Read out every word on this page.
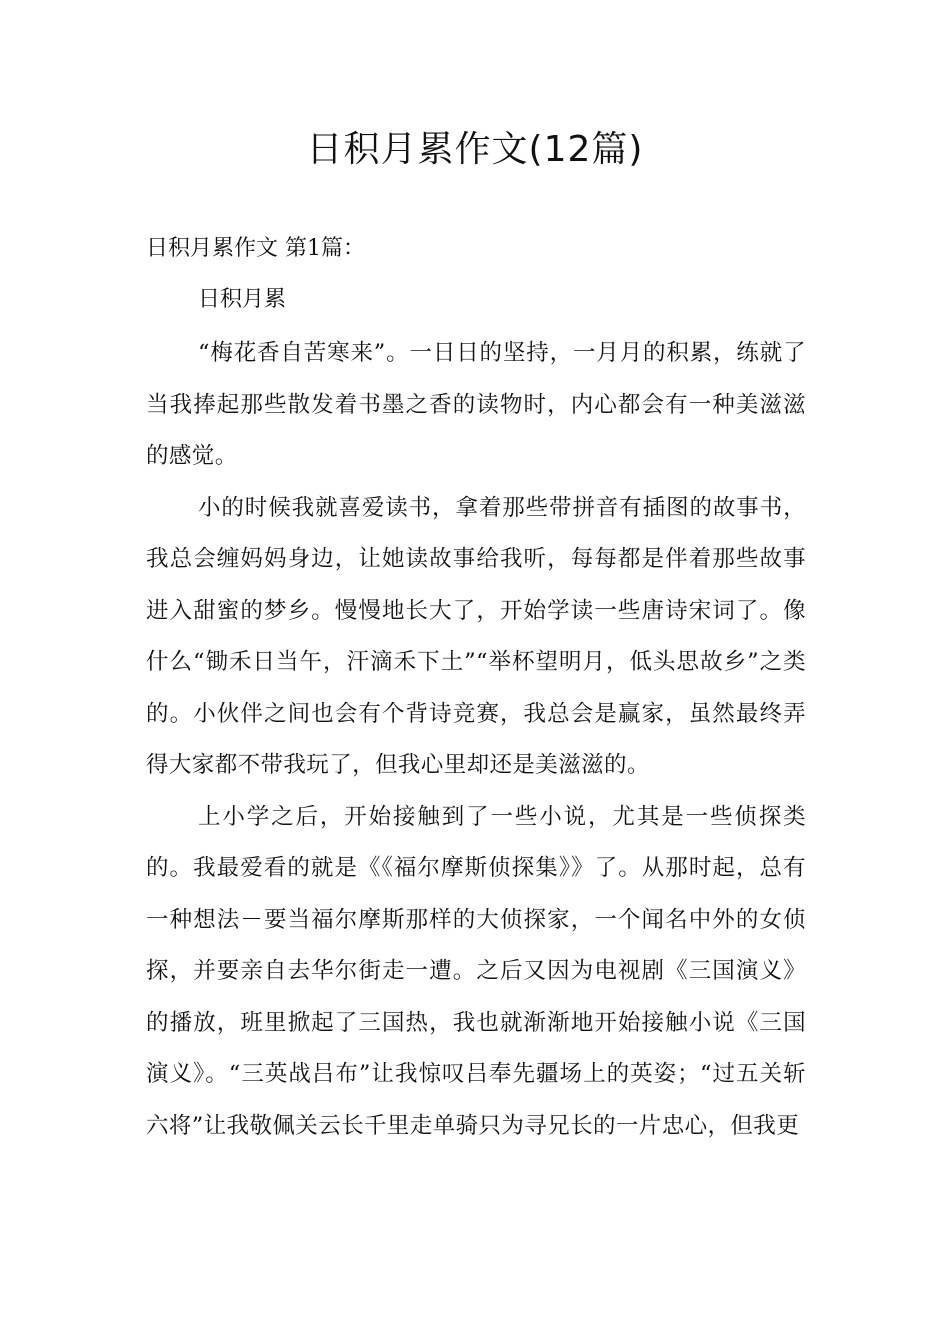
日积月累作文(12篇)
日积月累作文 第1篇：
日积月累

“梅花香自苦寒来”。一日日的坚持，一月月的积累，练就了当我捧起那些散发着书墨之香的读物时，内心都会有一种美滋滋的感觉。

小的时候我就喜爱读书，拿着那些带拼音有插图的故事书，我总会缠妈妈身边，让她读故事给我听，每每都是伴着那些故事进入甜蜜的梦乡。慢慢地长大了，开始学读一些唐诗宋词了。像什么“锄禾日当午，汗滴禾下土”“举杯望明月，低头思故乡”之类的。小伙伴之间也会有个背诗竞赛，我总会是赢家，虽然最终弄得大家都不带我玩了，但我心里却还是美滋滋的。

上小学之后，开始接触到了一些小说，尤其是一些侦探类的。我最爱看的就是《《福尔摩斯侦探集》》了。从那时起，总有一种想法－要当福尔摩斯那样的大侦探家，一个闻名中外的女侦探，并要亲自去华尔街走一遭。之后又因为电视剧《三国演义》的播放，班里掀起了三国热，我也就渐渐地开始接触小说《三国演义》。“三英战吕布”让我惊叹吕奉先疆场上的英姿；“过五关斩六将”让我敬佩关云长千里走单骑只为寻兄长的一片忠心，但我更
